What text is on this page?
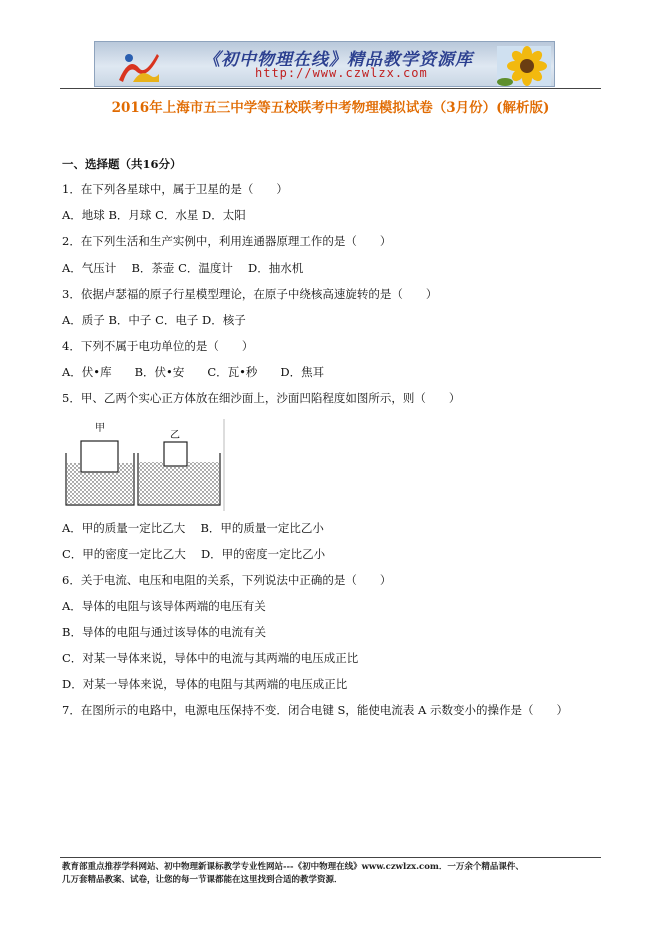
《初中物理在线》精品教学资源库
http://www.czwlzx.com
2016年上海市五三中学等五校联考中考物理模拟试卷（3月份）(解析版)
一、选择题（共16分）
1．在下列各星球中，属于卫星的是（　　）
A．地球 B．月球 C．水星 D．太阳
2．在下列生活和生产实例中，利用连通器原理工作的是（　　）
A．气压计　 B．茶壶 C．温度计　 D．抽水机
3．依据卢瑟福的原子行星模型理论，在原子中绕核高速旋转的是（　　）
A．质子 B．中子 C．电子 D．核子
4．下列不属于电功单位的是（　　）
A．伏•库　　B．伏•安　　C．瓦•秒　　D．焦耳
5．甲、乙两个实心正方体放在细沙面上，沙面凹陷程度如图所示，则（　　）
甲
乙
A．甲的质量一定比乙大　 B．甲的质量一定比乙小
C．甲的密度一定比乙大　 D．甲的密度一定比乙小
6．关于电流、电压和电阻的关系，下列说法中正确的是（　　）
A．导体的电阻与该导体两端的电压有关
B．导体的电阻与通过该导体的电流有关
C．对某一导体来说，导体中的电流与其两端的电压成正比
D．对某一导体来说，导体的电阻与其两端的电压成正比
7．在图所示的电路中，电源电压保持不变．闭合电键 S，能使电流表 A 示数变小的操作是（　　）
教育部重点推荐学科网站、初中物理新课标教学专业性网站---《初中物理在线》www.czwlzx.com．一万余个精品课件、
几万套精品教案、试卷，让您的每一节课都能在这里找到合适的教学资源．
